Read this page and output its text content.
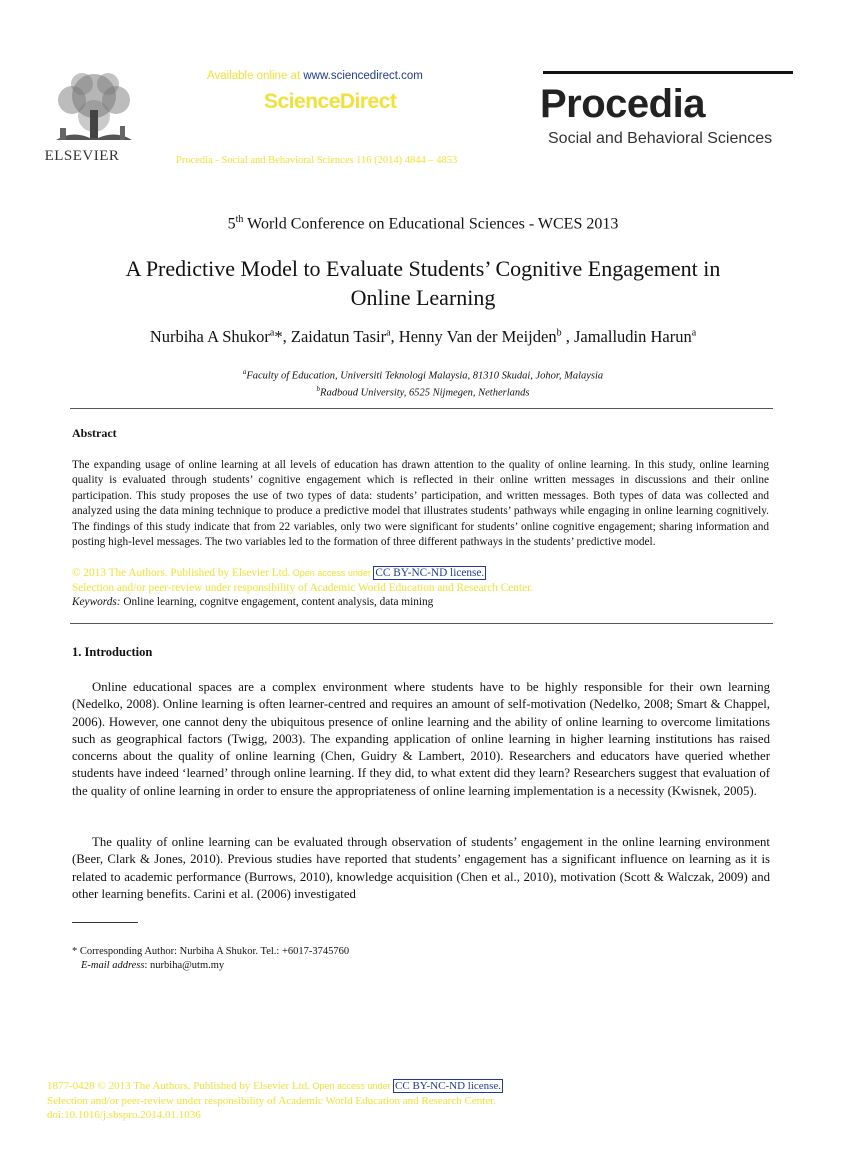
ELSEVIER
Available online at www.sciencedirect.com
ScienceDirect
Procedia - Social and Behavioral Sciences 116 (2014) 4844 – 4853
Procedia
Social and Behavioral Sciences
5th World Conference on Educational Sciences - WCES 2013
A Predictive Model to Evaluate Students’ Cognitive Engagement in
Online Learning
Nurbiha A Shukor$^a$*, Zaidatun Tasir$^a$, Henny Van der Meijden$^b$ , Jamalludin Harun$^a$
$^a$Faculty of Education, Universiti Teknologi Malaysia, 81310 Skudai, Johor, Malaysia
$^b$Radboud University, 6525 Nijmegen, Netherlands
Abstract
The expanding usage of online learning at all levels of education has drawn attention to the quality of online learning. In this study, online learning quality is evaluated through students’ cognitive engagement which is reflected in their online written messages in discussions and their online participation. This study proposes the use of two types of data: students’ participation, and written messages. Both types of data was collected and analyzed using the data mining technique to produce a predictive model that illustrates students’ pathways while engaging in online learning cognitively. The findings of this study indicate that from 22 variables, only two were significant for students’ online cognitive engagement; sharing information and posting high-level messages. The two variables led to the formation of three different pathways in the students’ predictive model.
© 2013 The Authors. Published by Elsevier Ltd. Open access under CC BY-NC-ND license.
Selection and/or peer-review under responsibility of Academic World Education and Research Center.
Keywords: Online learning, cognitve engagement, content analysis, data mining
1. Introduction
Online educational spaces are a complex environment where students have to be highly responsible for their own learning (Nedelko, 2008). Online learning is often learner-centred and requires an amount of self-motivation (Nedelko, 2008; Smart & Chappel, 2006). However, one cannot deny the ubiquitous presence of online learning and the ability of online learning to overcome limitations such as geographical factors (Twigg, 2003). The expanding application of online learning in higher learning institutions has raised concerns about the quality of online learning (Chen, Guidry & Lambert, 2010). Researchers and educators have queried whether students have indeed ‘learned’ through online learning. If they did, to what extent did they learn? Researchers suggest that evaluation of the quality of online learning in order to ensure the appropriateness of online learning implementation is a necessity (Kwisnek, 2005).
The quality of online learning can be evaluated through observation of students’ engagement in the online learning environment (Beer, Clark & Jones, 2010). Previous studies have reported that students’ engagement has a significant influence on learning as it is related to academic performance (Burrows, 2010), knowledge acquisition (Chen et al., 2010), motivation (Scott & Walczak, 2009) and other learning benefits. Carini et al. (2006) investigated
* Corresponding Author: Nurbiha A Shukor. Tel.: +6017-3745760
E-mail address: nurbiha@utm.my
1877-0428 © 2013 The Authors. Published by Elsevier Ltd. Open access under CC BY-NC-ND license.
Selection and/or peer-review under responsibility of Academic World Education and Research Center.
doi:10.1016/j.sbspro.2014.01.1036
